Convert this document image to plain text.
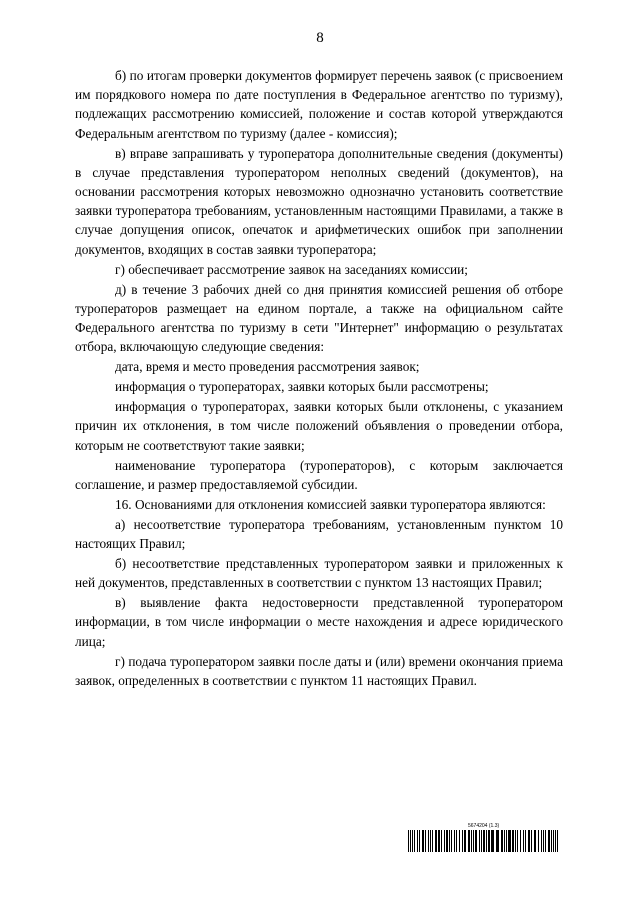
8

б) по итогам проверки документов формирует перечень заявок (с присвоением им порядкового номера по дате поступления в Федеральное агентство по туризму), подлежащих рассмотрению комиссией, положение и состав которой утверждаются Федеральным агентством по туризму (далее - комиссия);

в) вправе запрашивать у туроператора дополнительные сведения (документы) в случае представления туроператором неполных сведений (документов), на основании рассмотрения которых невозможно однозначно установить соответствие заявки туроператора требованиям, установленным настоящими Правилами, а также в случае допущения описок, опечаток и арифметических ошибок при заполнении документов, входящих в состав заявки туроператора;

г) обеспечивает рассмотрение заявок на заседаниях комиссии;

д) в течение 3 рабочих дней со дня принятия комиссией решения об отборе туроператоров размещает на едином портале, а также на официальном сайте Федерального агентства по туризму в сети "Интернет" информацию о результатах отбора, включающую следующие сведения:

дата, время и место проведения рассмотрения заявок;

информация о туроператорах, заявки которых были рассмотрены;

информация о туроператорах, заявки которых были отклонены, с указанием причин их отклонения, в том числе положений объявления о проведении отбора, которым не соответствуют такие заявки;

наименование туроператора (туроператоров), с которым заключается соглашение, и размер предоставляемой субсидии.

16. Основаниями для отклонения комиссией заявки туроператора являются:

а) несоответствие туроператора требованиям, установленным пунктом 10 настоящих Правил;

б) несоответствие представленных туроператором заявки и приложенных к ней документов, представленных в соответствии с пунктом 13 настоящих Правил;

в) выявление факта недостоверности представленной туроператором информации, в том числе информации о месте нахождения и адресе юридического лица;

г) подача туроператором заявки после даты и (или) времени окончания приема заявок, определенных в соответствии с пунктом 11 настоящих Правил.

5674204 (1.3)
